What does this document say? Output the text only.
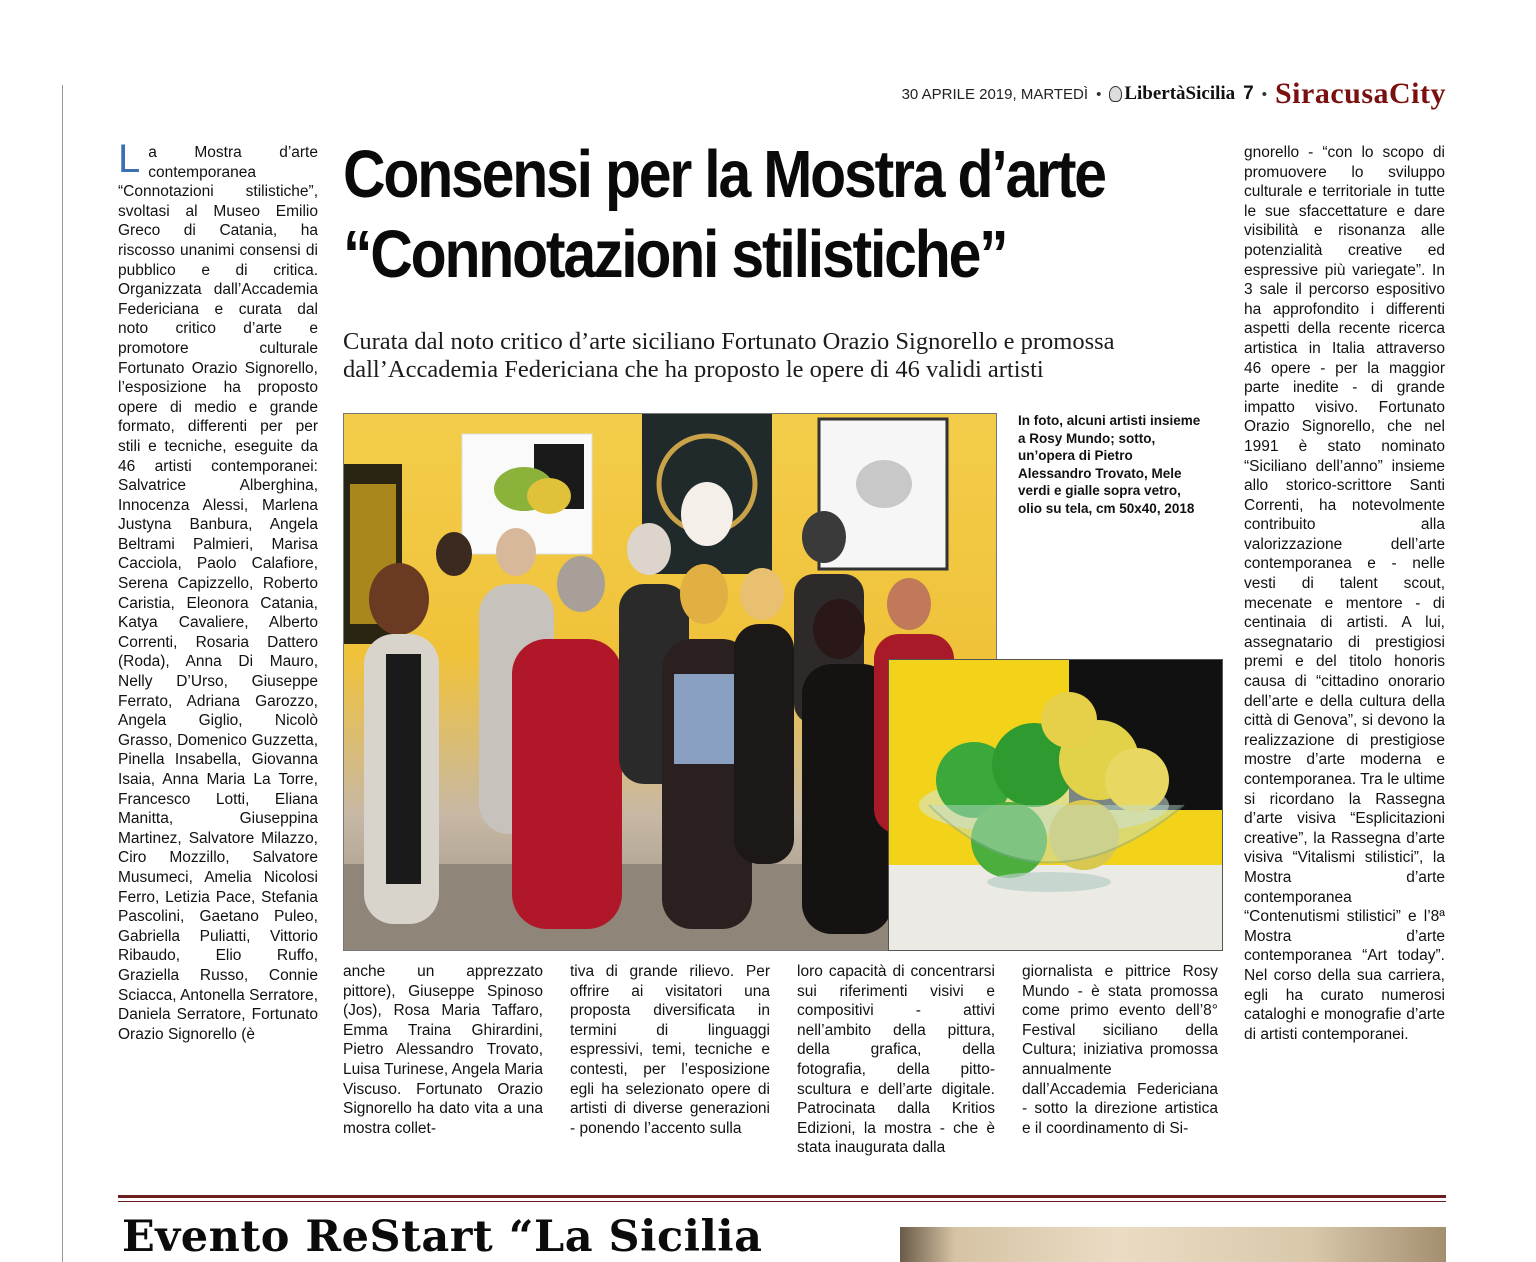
30 APRILE 2019, MARTEDÌ • LibertàSicilia 7 • SiracusaCity
L a Mostra d’arte contemporanea “Connotazioni stilistiche”, svoltasi al Museo Emilio Greco di Catania, ha riscosso unanimi consensi di pubblico e di critica. Organizzata dall’Accademia Federiciana e curata dal noto critico d’arte e promotore culturale Fortunato Orazio Signorello, l’esposizione ha proposto opere di medio e grande formato, differenti per per stili e tecniche, eseguite da 46 artisti contemporanei: Salvatrice Alberghina, Innocenza Alessi, Marlena Justyna Banbura, Angela Beltrami Palmieri, Marisa Cacciola, Paolo Calafiore, Serena Capizzello, Roberto Caristia, Eleonora Catania, Katya Cavaliere, Alberto Correnti, Rosaria Dattero (Roda), Anna Di Mauro, Nelly D’Urso, Giuseppe Ferrato, Adriana Garozzo, Angela Giglio, Nicolò Grasso, Domenico Guzzetta, Pinella Insabella, Giovanna Isaia, Anna Maria La Torre, Francesco Lotti, Eliana Manitta, Giuseppina Martinez, Salvatore Milazzo, Ciro Mozzillo, Salvatore Musumeci, Amelia Nicolosi Ferro, Letizia Pace, Stefania Pascolini, Gaetano Puleo, Gabriella Puliatti, Vittorio Ribaudo, Elio Ruffo, Graziella Russo, Connie Sciacca, Antonella Serratore, Daniela Serratore, Fortunato Orazio Signorello (è
Consensi per la Mostra d’arte
“Connotazioni stilistiche”

Curata dal noto critico d’arte siciliano Fortunato Orazio Signorello e promossa
dall’Accademia Federiciana che ha proposto le opere di 46 validi artisti

In foto, alcuni artisti insieme a Rosy Mundo; sotto, un’opera di Pietro Alessandro Trovato, Mele verdi e gialle sopra vetro, olio su tela, cm 50x40, 2018
anche un apprezzato pittore), Giuseppe Spinoso (Jos), Rosa Maria Taffaro, Emma Traina Ghirardini, Pietro Alessandro Trovato, Luisa Turinese, Angela Maria Viscuso. Fortunato Orazio Signorello ha dato vita a una mostra collet-
tiva di grande rilievo. Per offrire ai visitatori una proposta diversificata in termini di linguaggi espressivi, temi, tecniche e contesti, per l’esposizione egli ha selezionato opere di artisti di diverse generazioni - ponendo l’accento sulla
loro capacità di concentrarsi sui riferimenti visivi e compositivi - attivi nell’ambito della pittura, della grafica, della fotografia, della pitto-scultura e dell’arte digitale. Patrocinata dalla Kritios Edizioni, la mostra - che è stata inaugurata dalla
giornalista e pittrice Rosy Mundo - è stata promossa come primo evento dell’8° Festival siciliano della Cultura; iniziativa promossa annualmente dall’Accademia Federiciana - sotto la direzione artistica e il coordinamento di Si-
gnorello - “con lo scopo di promuovere lo sviluppo culturale e territoriale in tutte le sue sfaccettature e dare visibilità e risonanza alle potenzialità creative ed espressive più variegate”. In 3 sale il percorso espositivo ha approfondito i differenti aspetti della recente ricerca artistica in Italia attraverso 46 opere - per la maggior parte inedite - di grande impatto visivo. Fortunato Orazio Signorello, che nel 1991 è stato nominato “Siciliano dell’anno” insieme allo storico-scrittore Santi Correnti, ha notevolmente contribuito alla valorizzazione dell’arte contemporanea e - nelle vesti di talent scout, mecenate e mentore - di centinaia di artisti. A lui, assegnatario di prestigiosi premi e del titolo honoris causa di “cittadino onorario dell’arte e della cultura della città di Genova”, si devono la realizzazione di prestigiose mostre d’arte moderna e contemporanea. Tra le ultime si ricordano la Rassegna d’arte visiva “Esplicitazioni creative”, la Rassegna d’arte visiva “Vitalismi stilistici”, la Mostra d’arte contemporanea “Contenutismi stilistici” e l’8ª Mostra d’arte contemporanea “Art today”. Nel corso della sua carriera, egli ha curato numerosi cataloghi e monografie d’arte di artisti contemporanei.
Evento ReStart “La Sicilia
